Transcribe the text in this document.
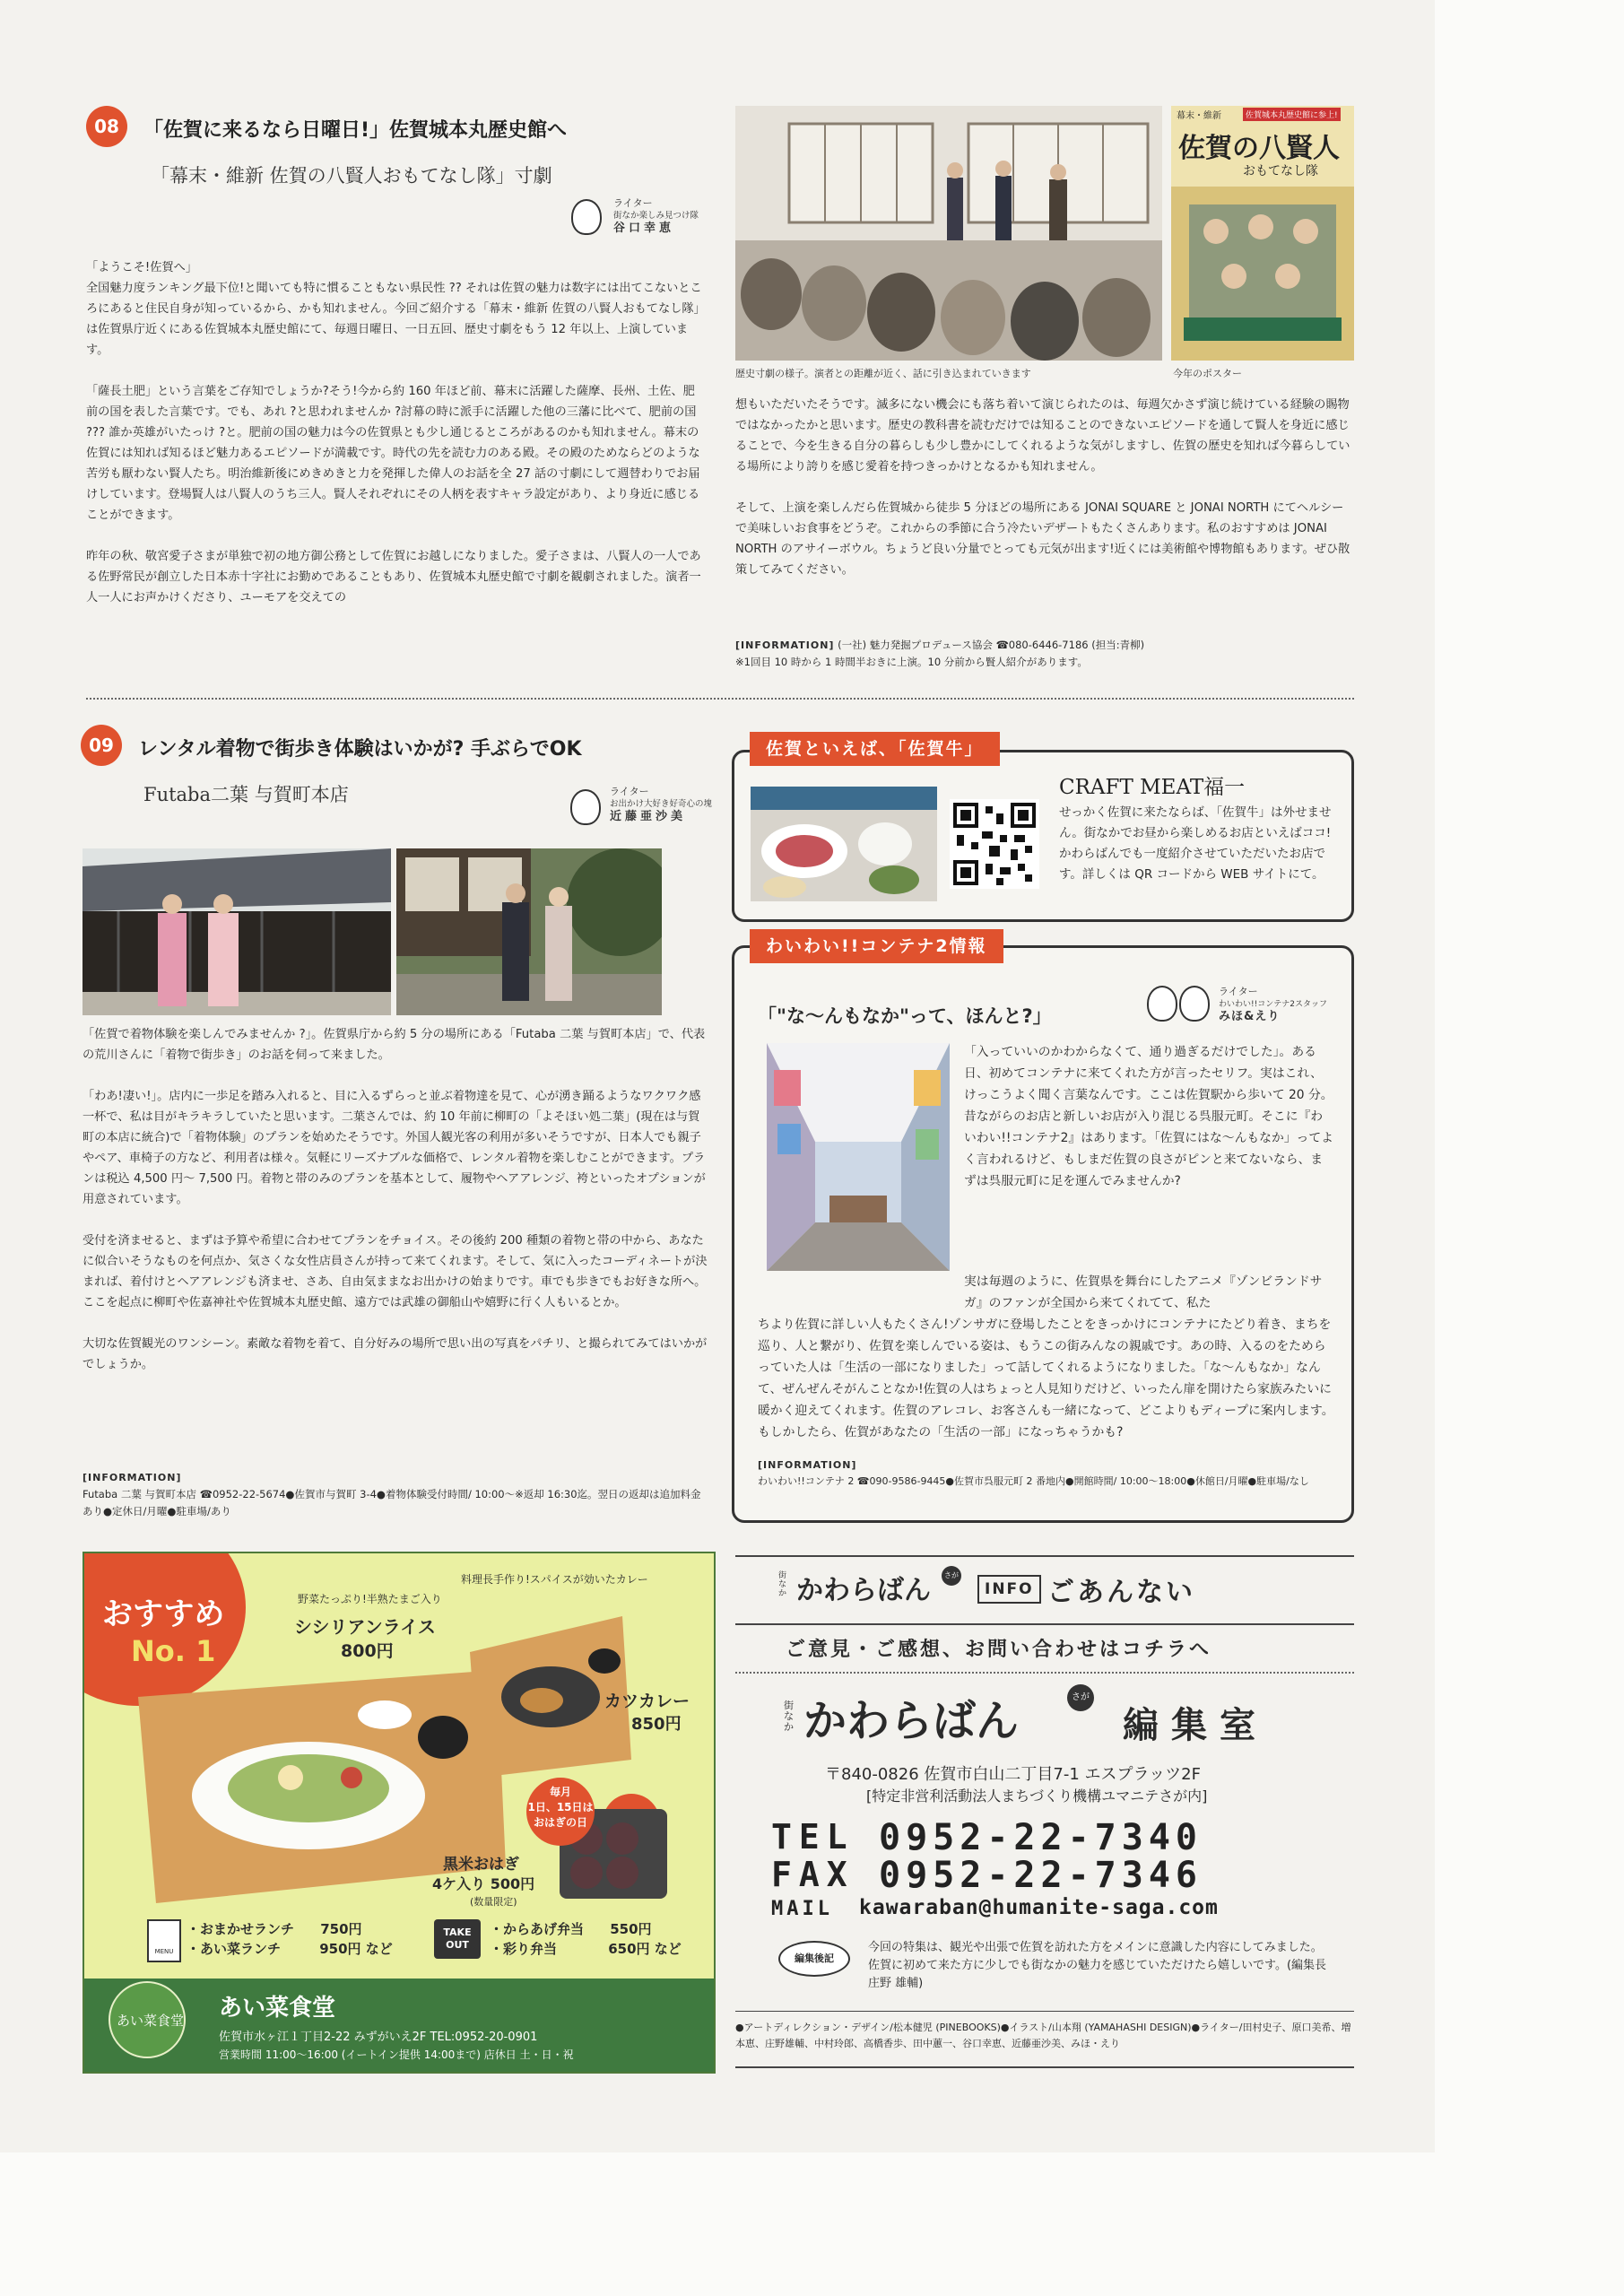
08	「佐賀に来るなら日曜日!」佐賀城本丸歴史館へ
「幕末・維新 佐賀の八賢人おもてなし隊」寸劇
ライター
街なか楽しみ見つけ隊
谷口幸恵
「ようこそ!佐賀へ」

全国魅力度ランキング最下位!と聞いても特に慣ることもない県民性 ?? それは佐賀の魅力は数字には出てこないところにあると住民自身が知っているから、かも知れません。今回ご紹介する「幕末・維新 佐賀の八賢人おもてなし隊」は佐賀県庁近くにある佐賀城本丸歴史館にて、毎週日曜日、一日五回、歴史寸劇をもう 12 年以上、上演しています。

「薩長土肥」という言葉をご存知でしょうか?そう!今から約 160 年ほど前、幕末に活躍した薩摩、長州、土佐、肥前の国を表した言葉です。でも、あれ ?と思われませんか ?討幕の時に派手に活躍した他の三藩に比べて、肥前の国 ??? 誰か英雄がいたっけ ?と。肥前の国の魅力は今の佐賀県とも少し通じるところがあるのかも知れません。幕末の佐賀には知れば知るほど魅力あるエピソードが満載です。時代の先を読む力のある殿。その殿のためならどのような苦労も厭わない賢人たち。明治維新後にめきめきと力を発揮した偉人のお話を全 27 話の寸劇にして週替わりでお届けしています。登場賢人は八賢人のうち三人。賢人それぞれにその人柄を表すキャラ設定があり、より身近に感じることができます。

昨年の秋、敬宮愛子さまが単独で初の地方御公務として佐賀にお越しになりました。愛子さまは、八賢人の一人である佐野常民が創立した日本赤十字社にお勤めであることもあり、佐賀城本丸歴史館で寸劇を観劇されました。演者一人一人にお声かけくださり、ユーモアを交えての

幕末・維新	佐賀城本丸歴史館に参上!
佐賀の八賢人
おもてなし隊
歴史寸劇の様子。演者との距離が近く、話に引き込まれていきます	今年のポスター

想もいただいたそうです。滅多にない機会にも落ち着いて演じられたのは、毎週欠かさず演じ続けている経験の賜物ではなかったかと思います。歴史の教科書を読むだけでは知ることのできないエピソードを通して賢人を身近に感じることで、今を生きる自分の暮らしも少し豊かにしてくれるような気がしますし、佐賀の歴史を知れば今暮らしている場所により誇りを感じ愛着を持つきっかけとなるかも知れません。

そして、上演を楽しんだら佐賀城から徒歩 5 分ほどの場所にある JONAI SQUARE と JONAI NORTH にてヘルシーで美味しいお食事をどうぞ。これからの季節に合う冷たいデザートもたくさんあります。私のおすすめは JONAI NORTH のアサイーボウル。ちょうど良い分量でとっても元気が出ます!近くには美術館や博物館もあります。ぜひ散策してみてください。

[INFORMATION] (一社) 魅力発掘プロデュース協会 ☎080-6446-7186 (担当:青柳)
※1回目 10 時から 1 時間半おきに上演。10 分前から賢人紹介があります。
09	レンタル着物で街歩き体験はいかが? 手ぶらでOK
Futaba二葉 与賀町本店	ライター
お出かけ大好き好奇心の塊
近藤亜沙美

「佐賀で着物体験を楽しんでみませんか ?」。佐賀県庁から約 5 分の場所にある「Futaba 二葉 与賀町本店」で、代表の荒川さんに「着物で街歩き」のお話を伺って来ました。

「わあ!凄い!」。店内に一歩足を踏み入れると、目に入るずらっと並ぶ着物達を見て、心が湧き踊るようなワクワク感一杯で、私は目がキラキラしていたと思います。二葉さんでは、約 10 年前に柳町の「よそほい処二葉」(現在は与賀町の本店に統合)で「着物体験」のプランを始めたそうです。外国人観光客の利用が多いそうですが、日本人でも親子やペア、車椅子の方など、利用者は様々。気軽にリーズナブルな価格で、レンタル着物を楽しむことができます。プランは税込 4,500 円〜 7,500 円。着物と帯のみのプランを基本として、履物やヘアアレンジ、袴といったオプションが用意されています。

受付を済ませると、まずは予算や希望に合わせてプランをチョイス。その後約 200 種類の着物と帯の中から、あなたに似合いそうなものを何点か、気さくな女性店員さんが持って来てくれます。そして、気に入ったコーディネートが決まれば、着付けとヘアアレンジも済ませ、さあ、自由気ままなお出かけの始まりです。車でも歩きでもお好きな所へ。ここを起点に柳町や佐嘉神社や佐賀城本丸歴史館、遠方では武雄の御船山や嬉野に行く人もいるとか。

大切な佐賀観光のワンシーン。素敵な着物を着て、自分好みの場所で思い出の写真をパチリ、と撮られてみてはいかがでしょうか。

[INFORMATION]
Futaba 二葉 与賀町本店 ☎0952-22-5674●佐賀市与賀町 3-4●着物体験受付時間/ 10:00〜※返却 16:30迄。翌日の返却は追加料金あり●定休日/月曜●駐車場/あり
CRAFT MEAT福一
せっかく佐賀に来たならば、「佐賀牛」は外せません。街なかでお昼から楽しめるお店といえばココ!かわらばんでも一度紹介させていただいたお店です。詳しくは QR コードから WEB サイトにて。
佐賀といえば、「佐賀牛」
「"な〜んもなか"って、ほんと?」
ライター
わいわい!!コンテナ2スタッフ
みほ&えり
「入っていいのかわからなくて、通り過ぎるだけでした」。ある日、初めてコンテナに来てくれた方が言ったセリフ。実はこれ、けっこうよく聞く言葉なんです。ここは佐賀駅から歩いて 20 分。昔ながらのお店と新しいお店が入り混じる呉服元町。そこに『わいわい!!コンテナ2』はあります。「佐賀にはな〜んもなか」ってよく言われるけど、もしまだ佐賀の良さがピンと来てないなら、まずは呉服元町に足を運んでみませんか?
実は毎週のように、佐賀県を舞台にしたアニメ『ゾンビランドサガ』のファンが全国から来てくれてて、私た
ちより佐賀に詳しい人もたくさん!ゾンサガに登場したことをきっかけにコンテナにたどり着き、まちを巡り、人と繋がり、佐賀を楽しんでいる姿は、もうこの街みんなの親戚です。あの時、入るのをためらっていた人は「生活の一部になりました」って話してくれるようになりました。「な〜んもなか」なんて、ぜんぜんそがんことなか!佐賀の人はちょっと人見知りだけど、いったん扉を開けたら家族みたいに暖かく迎えてくれます。佐賀のアレコレ、お客さんも一緒になって、どこよりもディープに案内します。もしかしたら、佐賀があなたの「生活の一部」になっちゃうかも?
[INFORMATION]
わいわい!!コンテナ 2 ☎090-9586-9445●佐賀市呉服元町 2 番地内●開館時間/ 10:00〜18:00●休館日/月曜●駐車場/なし
わいわい!!コンテナ2情報
おすすめ
No. 1
野菜たっぷり!半熟たまご入り
シシリアンライス
800円
料理長手作り!スパイスが効いたカレー
カツカレー
850円
毎月
1日、15日は
おはぎの日
黒米おはぎ
4ケ入り 500円
(数量限定)
MENU
・おまかせランチ 750円
・あい菜ランチ	950円 など
TAKE OUT
・からあげ弁当 550円
・彩り弁当	650円 など
あい菜食堂 あい菜食堂
佐賀市水ヶ江１丁目2-22 みずがいえ2F TEL:0952-20-0901
営業時間 11:00〜16:00 (イートイン提供 14:00まで) 店休日 土・日・祝
街なか かわらばん	さが
INFO ごあんない
ご意見・ご感想、お問い合わせはコチラへ
街なか かわらばん	さが
編集室
〒840-0826 佐賀市白山二丁目7-1 エスプラッツ2F
[特定非営利活動法人まちづくり機構ユマニテさが内]
TEL 0952-22-7340
FAX 0952-22-7346
MAIL kawaraban@humanite-saga.com
編集後記
今回の特集は、観光や出張で佐賀を訪れた方をメインに意識した内容にしてみました。佐賀に初めて来た方に少しでも街なかの魅力を感じていただけたら嬉しいです。(編集長 庄野 雄輔)
●アートディレクション・デザイン/松本健児 (PINEBOOKS)●イラスト/山本翔 (YAMAHASHI DESIGN)●ライター/田村史子、原口美希、増本恵、庄野雄輔、中村玲郎、高橋香歩、田中蕙一、谷口幸恵、近藤亜沙美、みほ・えり
